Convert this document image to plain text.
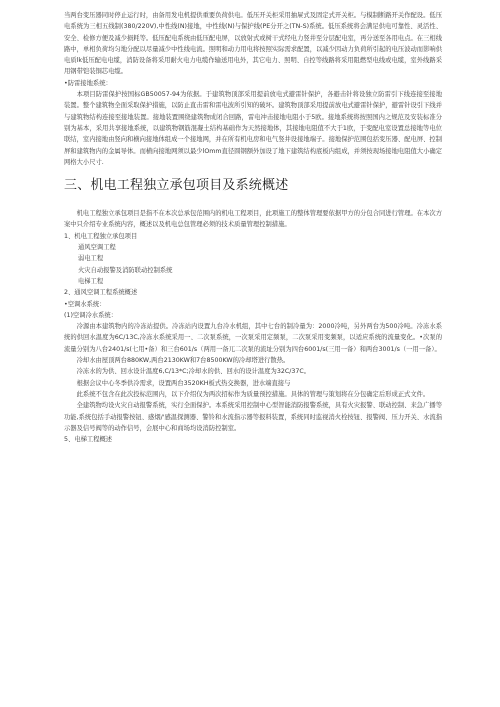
当两台变压器同时停止运行时，由备用发电机提供重要负荷供电。低压开关柜采用抽屉式及固定式开关柜。与模制断路开关作配设。低压电系统为三相五线制(380/220V),中性线(N)接地，中性线(N)与保护线(PE分开之(TN-S)系统。低压系统将会满足供电可靠性、灵活性、安全、检修方便及减少损耗等。低压配电系统由低压配电屏，以放射式或树干式经电力竖井至分层配电室，再分送至各用电点。在三相线路中，单相负荷均匀地分配以尽量减少中性线电流。照明和动力用电将按照实际需求配置，以减少因动力负荷所引起的电压波动而影响供电质lk低压配电电缆，消防设备将采用耐火电力电缆作输送用电外，其它电力、照明、自控等线路将采用阻燃型电线或电缆，室外线路采用钢带铠装铜芯电缆。

•防雷接地系统：

本项目防雷保护按国标GB50057-94为依据。于建筑物顶部采用提前放电式避雷针保护，各避击针将设独立防雷引下线连接至接地装置。整个建筑物全面采取保护措施，以防止直击雷和雷电波所引知的破坏。建筑物顶部采用提前放电式避雷针保护，避雷针设引下线并与建筑物结构连接至接地装置。接地装置围绕建筑物成闭合回路，雷电冲击接地电阻小于5欧。接地系统将按照国内之规范及安装标准分别为基本，采用共享接地系统，以建筑物钢筋混凝土结构基础作为天然接地体，其接地电阻值不大于1欧，于变配电室设置总接地等电位联结，室内接地由竖向和横向接地体组成一个接地网，并在所有机电房和电气竖井设接地端子。接地保护范围包括变压器、配电屏、控制屏和建筑物内的金属导体。而横向接地网须以最少lOmm直径圆钢额外加设了地下建筑结构底板内组成，并须按现场接地电阻值大小确定网格大小尺寸.

三、机电工程独立承包项目及系统概述

机电工程独立承包项目是指不在本次总承包范围内的机电工程项目，此项施工的整体管理要依据甲方的分包合同进行管理。在本次方案中只介绍专业系统内容，概述以及机电总包管理必须的技术质量管理控制措施。

1、机电工程独立承包项目

通风空调工程

弱电工程

火灾自动报警及消防联动控制系统

电梯工程

2、通风空调工程系统概述

•空调水系统：

(1)空调冷水系统：

冷源由本建筑物内的冷冻站提供。冷冻站内设置九台冷水机组，其中七台的制冷量为：2000冷吨，另外两台为500冷吨。冷冻水系统的供回水温度为6C/13C,冷冻水系统采用一、二次泵系统，一次泵采用定频泵，二次泵采用变频泵，以适应系统的流量变化。•次泵的流量分别为八台2401∕s(七用•备）和三台601∕s（两用一备兀二次泵的流址分别为四台6001∕s(三用一备）和两台3001∕s（一用一备）。

冷却水由屋顶两台880KW,两台2130KW和7台8500KW的冷却塔进行散热。

冷冻水的为供、回水设计温度6,C∕13*C;冷却水的供、回水的设计温度为32C/37C。

根据会议中心冬季供冷需求，设置两台3520KH板式热交换器，进水端直接与

此系统不包含在此次投标范围内，以下介绍仅为两次招标作为质量预控措施。具体的管理与策划将在分包确定后形成正式文件。

全建筑物均设火灾自动报警系统，实行全面保护。本系统采用控制中心型智能消防报警系统，具有火灾报警、联动控制、来急广播等功能,系统包括手动报警按钮、感烟/'感温探测器、警铃和水流指示器等报料装置，系统同时监视消火栓按钮、报警阀、压力开关、水流指示器及信号阀等的动作信号，会展中心和商场均设消防控制室。

5、电梯工程概述
